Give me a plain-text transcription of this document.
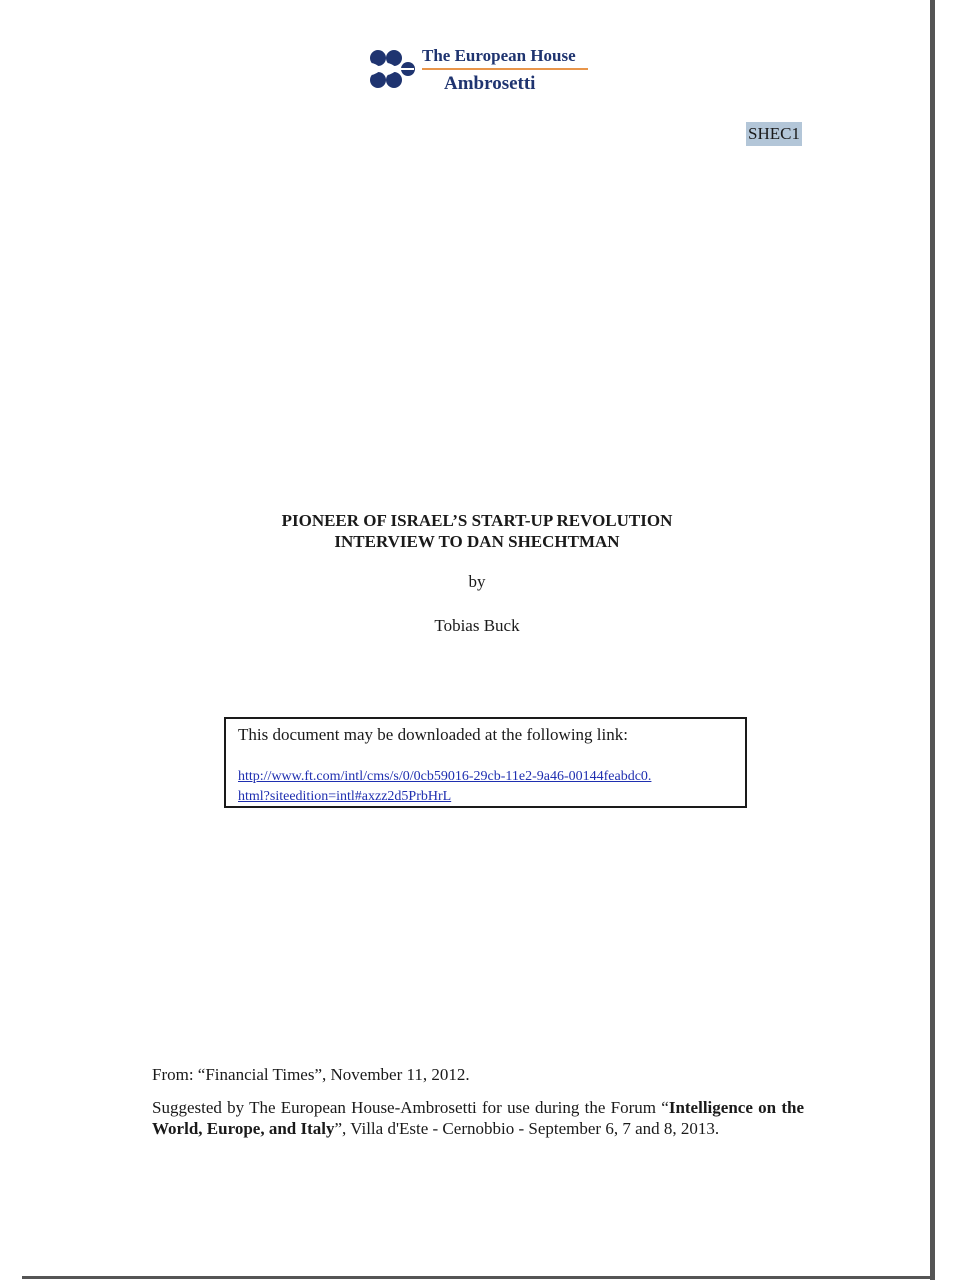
The European House
Ambrosetti
SHEC1
PIONEER OF ISRAEL’S START-UP REVOLUTION
INTERVIEW TO DAN SHECHTMAN
by
Tobias Buck
This document may be downloaded at the following link:
http://www.ft.com/intl/cms/s/0/0cb59016-29cb-11e2-9a46-00144feabdc0.html?siteedition=intl#axzz2d5PrbHrL
From: “Financial Times”, November 11, 2012.
Suggested by The European House-Ambrosetti for use during the Forum “Intelligence on the World, Europe, and Italy”, Villa d'Este - Cernobbio - September 6, 7 and 8, 2013.
